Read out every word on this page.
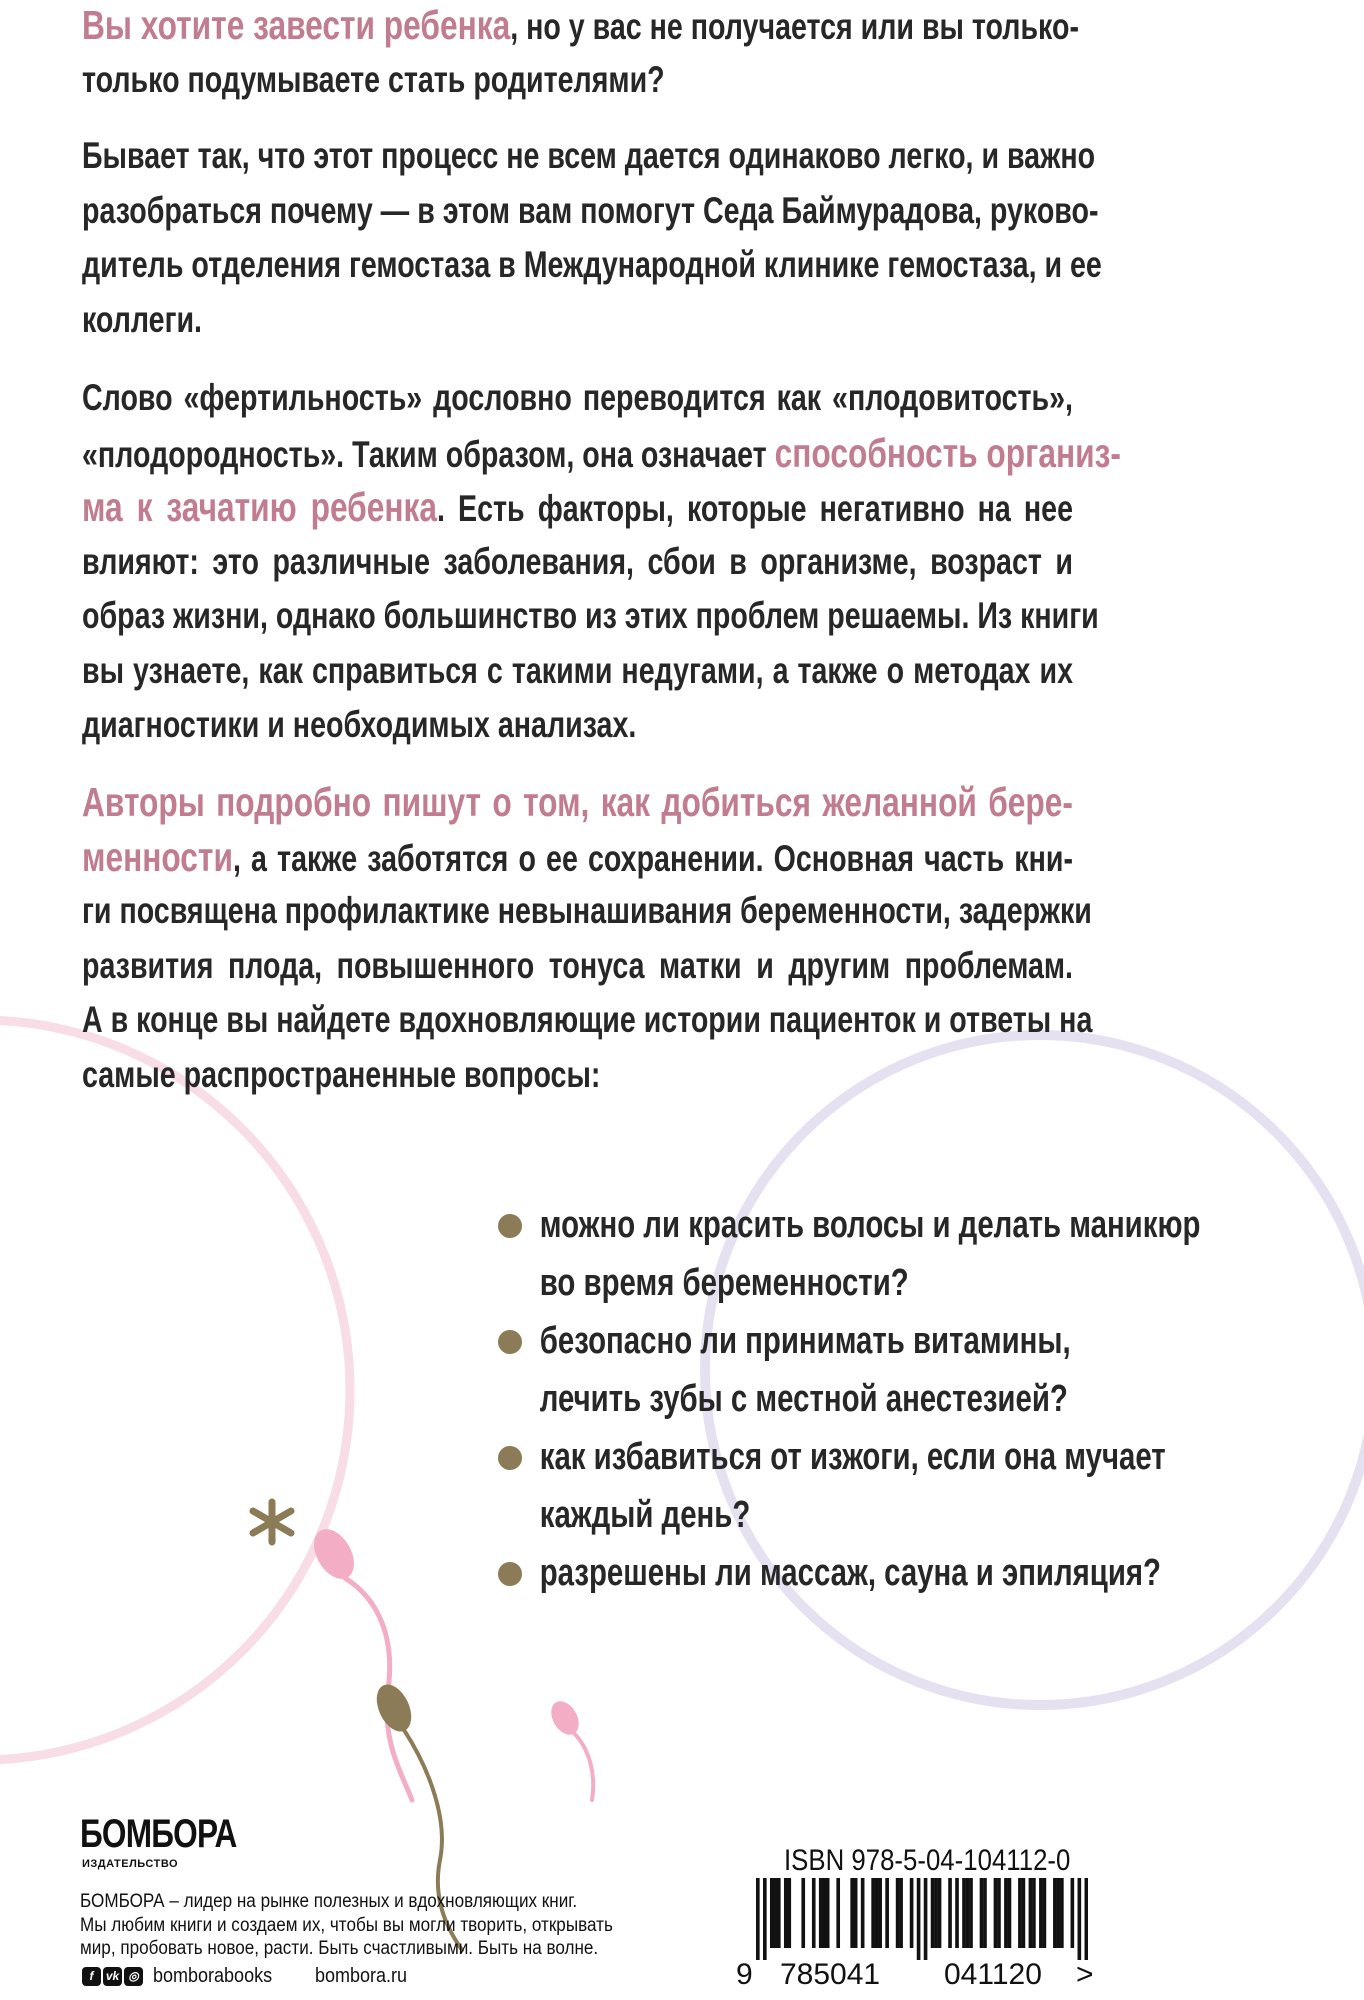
Вы хотите завести ребенка, но у вас не получается или вы только-
только подумываете стать родителями?
Бывает так, что этот процесс не всем дается одинаково легко, и важно
разобраться почему — в этом вам помогут Седа Баймурадова, руково-
дитель отделения гемостаза в Международной клинике гемостаза, и ее
коллеги.
Слово «фертильность» дословно переводится как «плодовитость»,
«плодородность». Таким образом, она означает способность организ-
ма к зачатию ребенка. Есть факторы, которые негативно на нее
влияют: это различные заболевания, сбои в организме, возраст и
образ жизни, однако большинство из этих проблем решаемы. Из книги
вы узнаете, как справиться с такими недугами, а также о методах их
диагностики и необходимых анализах.
Авторы подробно пишут о том, как добиться желанной бере-
менности, а также заботятся о ее сохранении. Основная часть кни-
ги посвящена профилактике невынашивания беременности, задержки
развития плода, повышенного тонуса матки и другим проблемам.
А в конце вы найдете вдохновляющие истории пациенток и ответы на
самые распространенные вопросы:
можно ли красить волосы и делать маникюр
во время беременности?
безопасно ли принимать витамины,
лечить зубы с местной анестезией?
как избавиться от изжоги, если она мучает
каждый день?
разрешены ли массаж, сауна и эпиляция?
БОМБОРА
ИЗДАТЕЛЬСТВО
БОМБОРА – лидер на рынке полезных и вдохновляющих книг.
Мы любим книги и создаем их, чтобы вы могли творить, открывать
мир, пробовать новое, расти. Быть счастливыми. Быть на волне.
f	vk ◎ bomborabooks bombora.ru
ISBN 978-5-04-104112-0
9 785041 041120 >
